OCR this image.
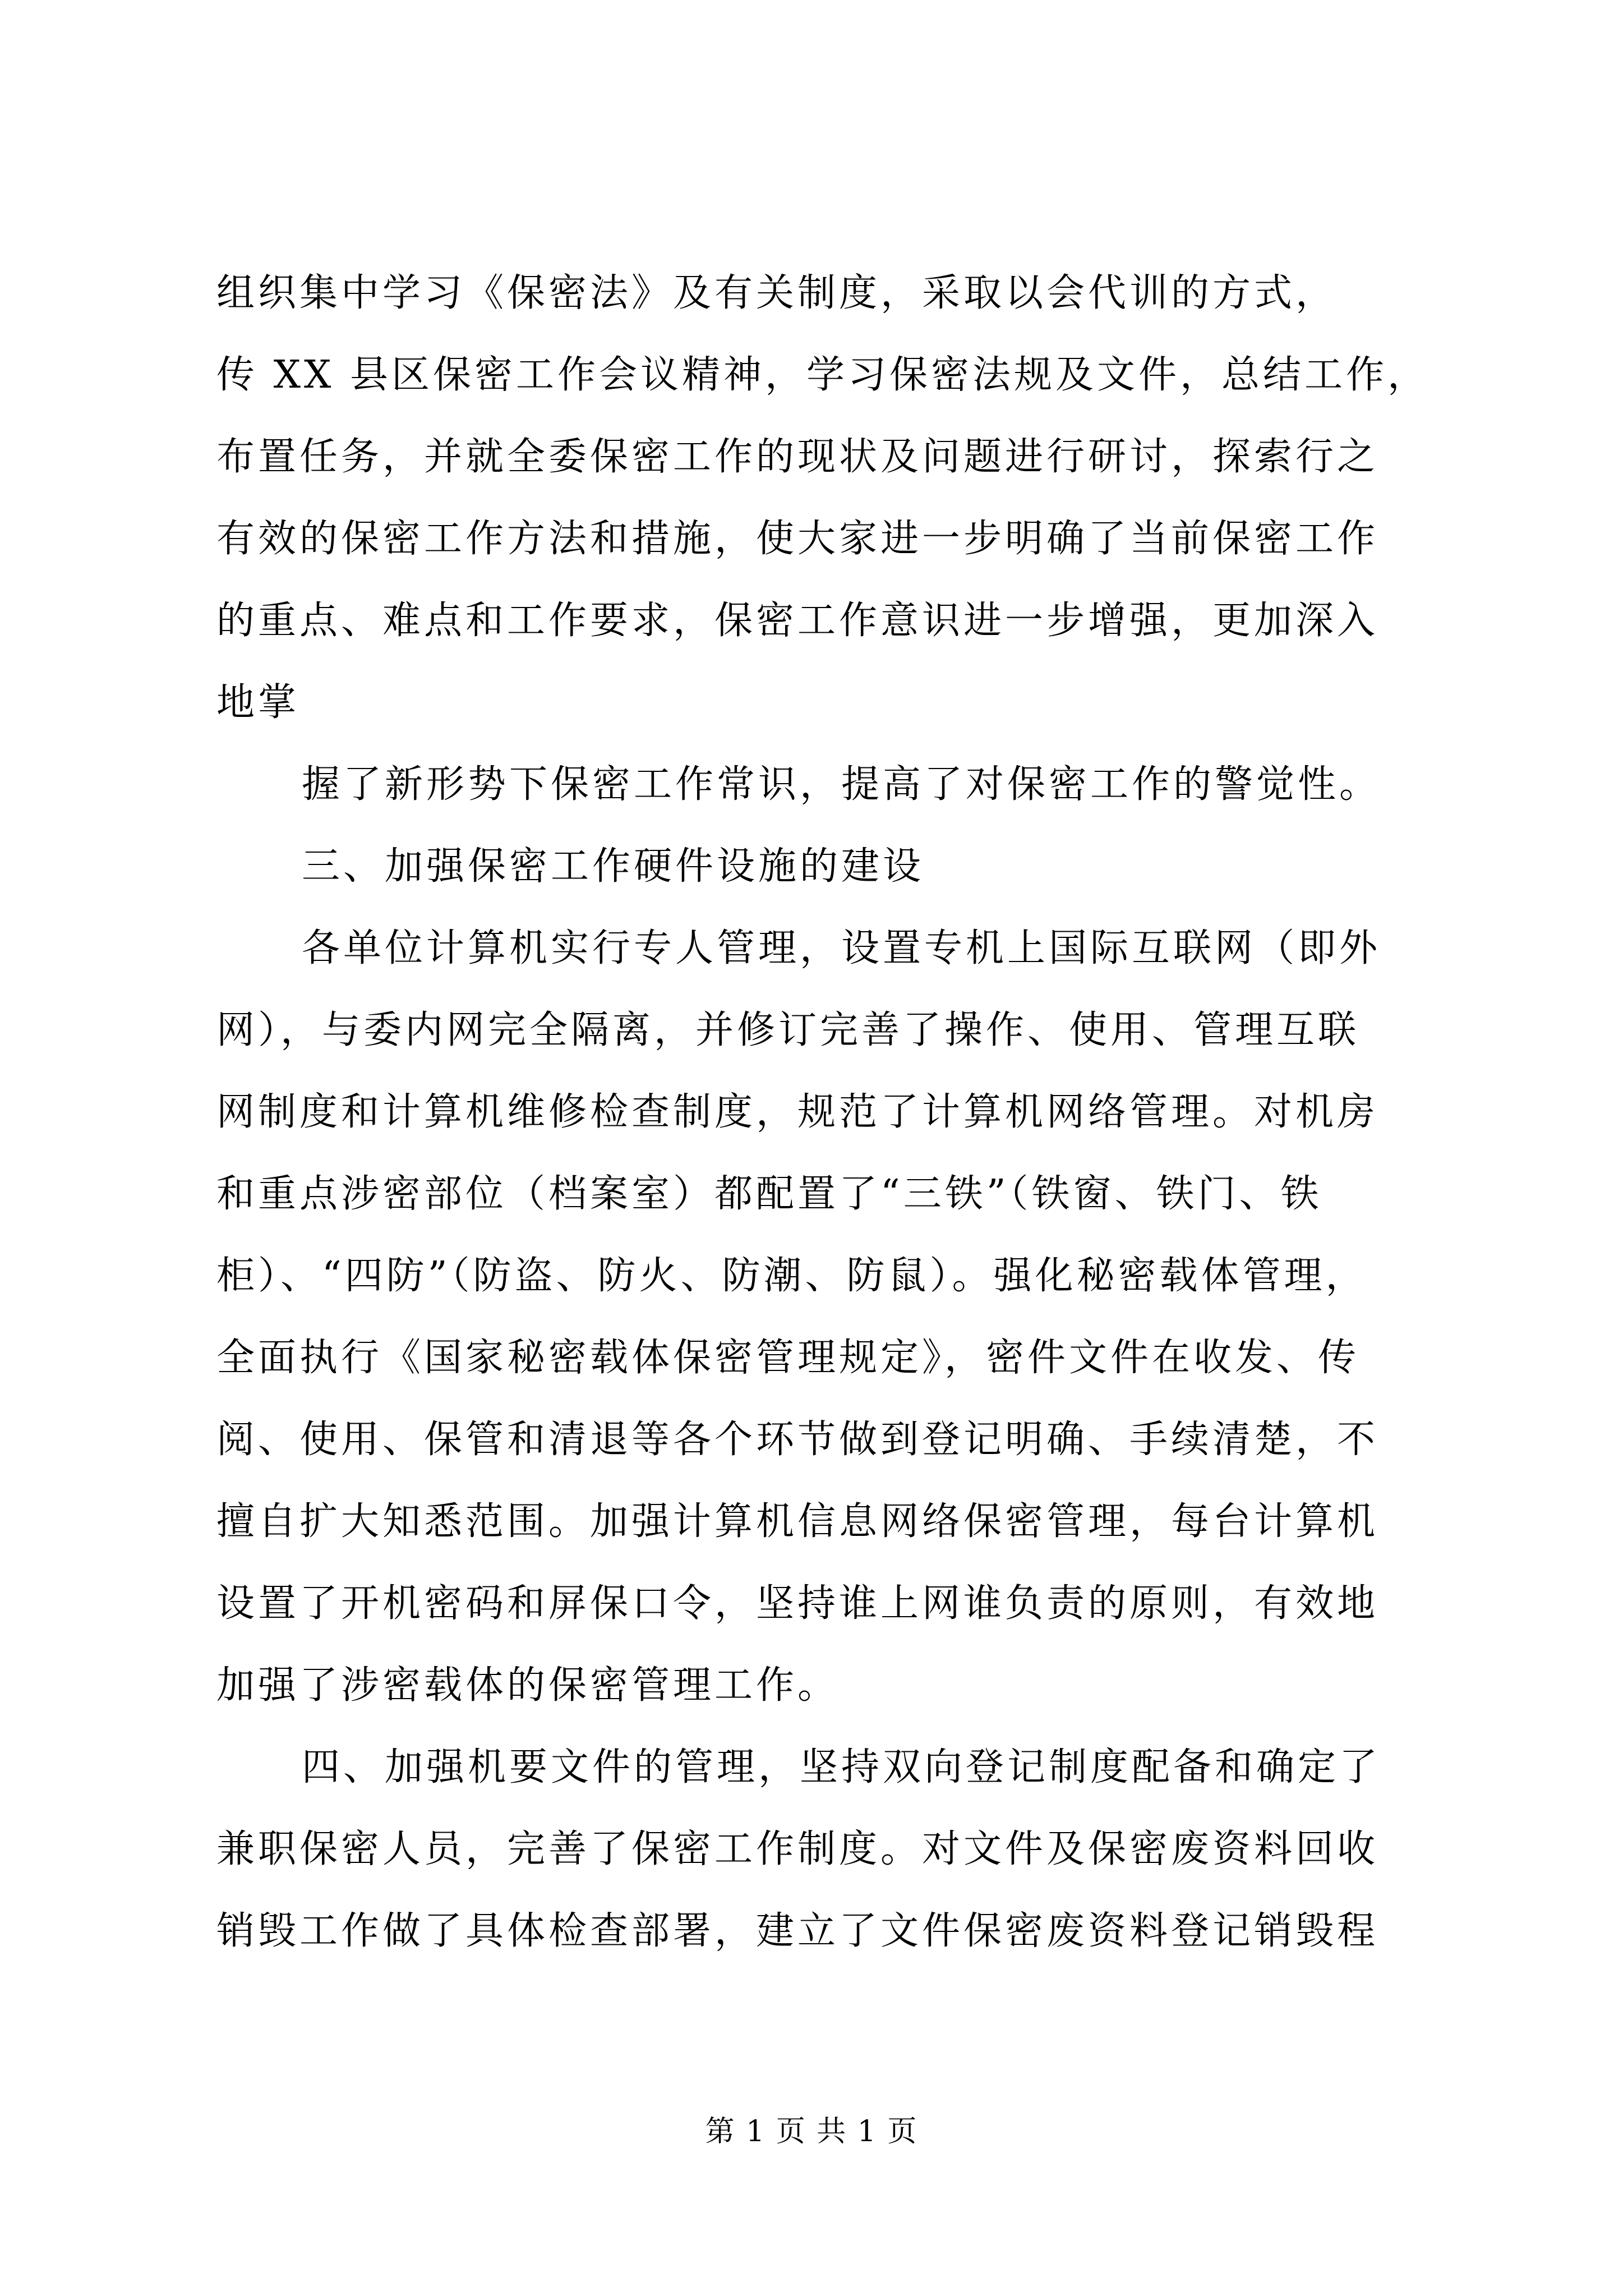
组织集中学习《保密法》及有关制度，采取以会代训的方式，
传 XX 县区保密工作会议精神，学习保密法规及文件，总结工作，
布置任务，并就全委保密工作的现状及问题进行研讨，探索行之
有效的保密工作方法和措施，使大家进一步明确了当前保密工作
的重点、难点和工作要求，保密工作意识进一步增强，更加深入
地掌
握了新形势下保密工作常识，提高了对保密工作的警觉性。
三、加强保密工作硬件设施的建设
各单位计算机实行专人管理，设置专机上国际互联网（即外
网），与委内网完全隔离，并修订完善了操作、使用、管理互联
网制度和计算机维修检查制度，规范了计算机网络管理。对机房
和重点涉密部位（档案室）都配置了“三铁”（铁窗、铁门、铁
柜）、“四防”（防盗、防火、防潮、防鼠）。强化秘密载体管理，
全面执行《国家秘密载体保密管理规定》，密件文件在收发、传
阅、使用、保管和清退等各个环节做到登记明确、手续清楚，不
擅自扩大知悉范围。加强计算机信息网络保密管理，每台计算机
设置了开机密码和屏保口令，坚持谁上网谁负责的原则，有效地
加强了涉密载体的保密管理工作。
四、加强机要文件的管理，坚持双向登记制度配备和确定了
兼职保密人员，完善了保密工作制度。对文件及保密废资料回收
销毁工作做了具体检查部署，建立了文件保密废资料登记销毁程
第 1 页 共 1 页
